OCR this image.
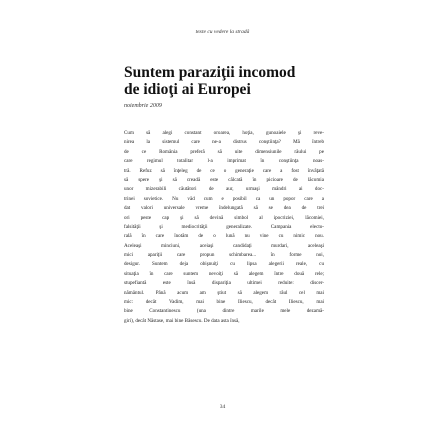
texte cu vedere la stradă
Suntem paraziţii incomod
de idioţi ai Europei
noiembrie 2009
Cum să alegi constant oroarea, hoţia, gunoaiele şi reve-
nirea la sistemul care ne-a distrus conştiinţa? Mă întreb
de ce România preferă să uite dimensiunile răului pe
care regimul totalitar l-a imprimat în conştiinţa noas-
tră. Refuz să înţeleg de ce o generaţie care a fost învăţată
să spere şi să creadă este călcată în picioare de lăcomia
unor mizerabili căutători de aur, urmaşi mândri ai doc-
trinei sovietice. Nu văd cum e posibil ca un popor care a
dat valori universale vreme îndelungată să se dea de trei
ori peste cap şi să devină simbol al ipocriziei, lăcomiei,
falsităţii şi mediocrităţii generalizate. Campania electo-
rală în care înotăm de o lună nu vine cu nimic nou.
Aceleaşi minciuni, aceiaşi candidaţi murdari, aceleaşi
mici apariţii care propun schimbarea... în forme noi,
desigur. Suntem deja obişnuiţi cu lipsa alegerii reale, cu
situaţia în care suntem nevoiţi să alegem între două rele;
stupefiantă este însă dispariţia ultimei reduite: discer-
nământul. Până acum am ştiut să alegem răul cel mai
mic: decât Vadim, mai bine Iliescu, decât Iliescu, mai
bine Constantinescu (una dintre marile mele dezamă-
giri), decât Năstase, mai bine Băsescu. De data asta însă,
34
